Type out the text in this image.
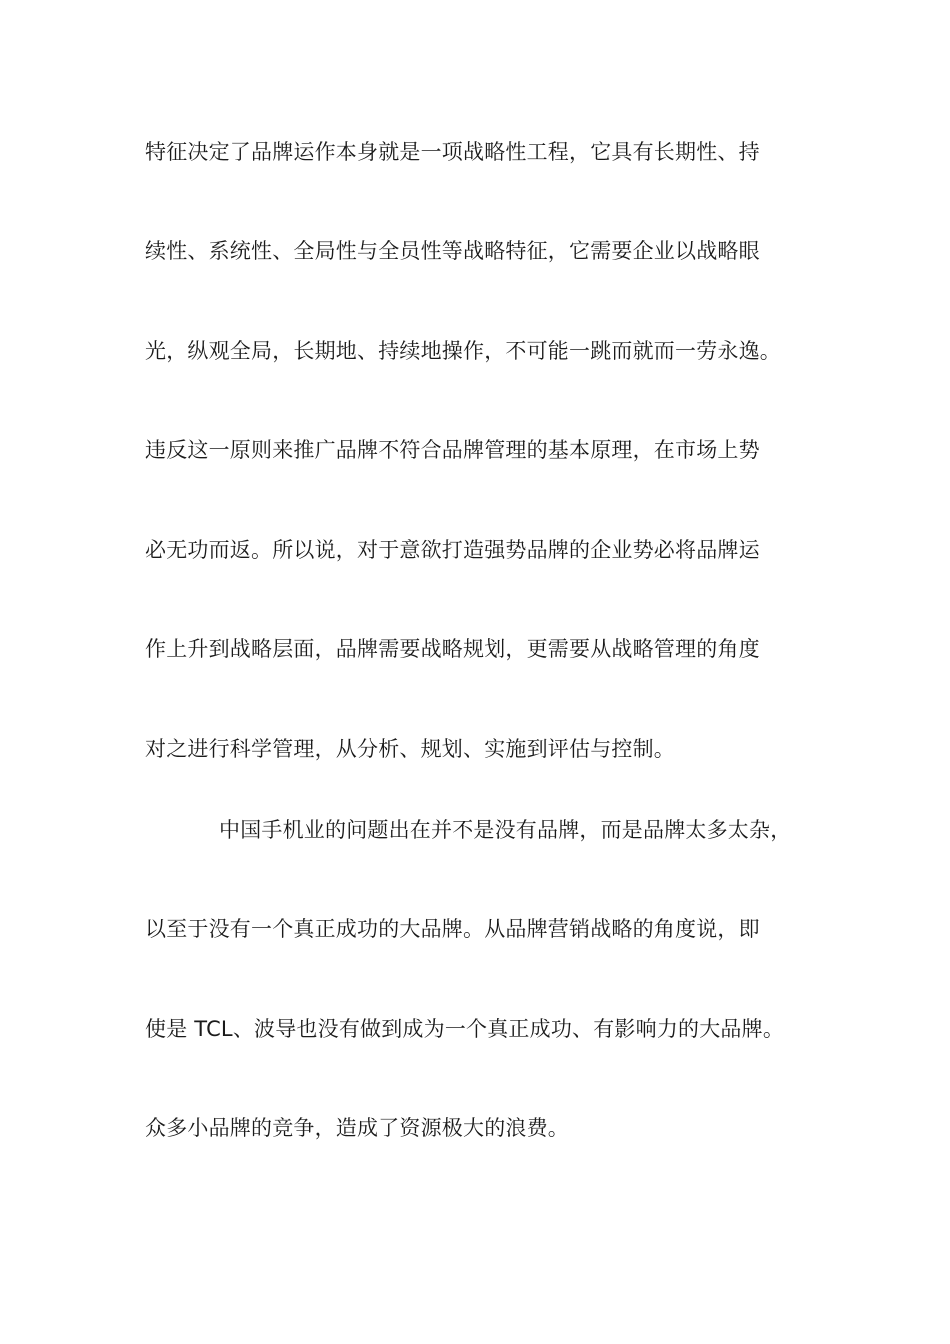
特征决定了品牌运作本身就是一项战略性工程，它具有长期性、持
续性、系统性、全局性与全员性等战略特征，它需要企业以战略眼
光，纵观全局，长期地、持续地操作，不可能一跳而就而一劳永逸。
违反这一原则来推广品牌不符合品牌管理的基本原理，在市场上势
必无功而返。所以说，对于意欲打造强势品牌的企业势必将品牌运
作上升到战略层面，品牌需要战略规划，更需要从战略管理的角度
对之进行科学管理，从分析、规划、实施到评估与控制。
中国手机业的问题出在并不是没有品牌，而是品牌太多太杂，
以至于没有一个真正成功的大品牌。从品牌营销战略的角度说，即
使是 TCL、波导也没有做到成为一个真正成功、有影响力的大品牌。
众多小品牌的竞争，造成了资源极大的浪费。
